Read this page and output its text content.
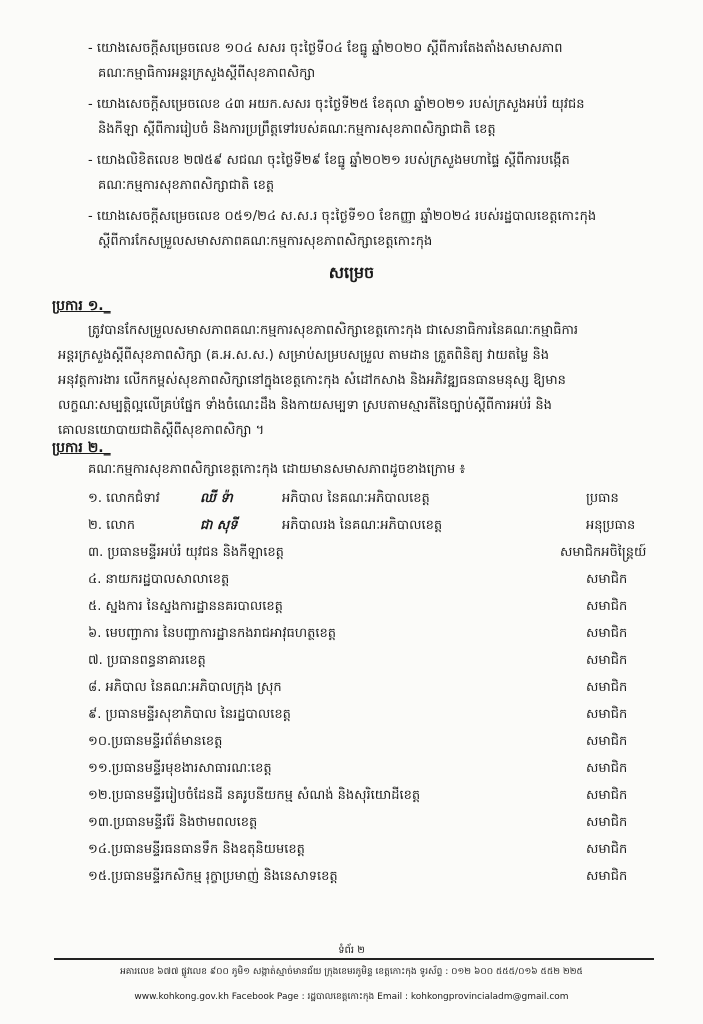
- យោងសេចក្តីសម្រេចលេខ ១០៤ សសរ ចុះថ្ងៃទី០៤ ខែធ្នូ ឆ្នាំ២០២០ ស្តីពីការតែងតាំងសមាសភាព
គណៈកម្មាធិការអន្តរក្រសួងស្តីពីសុខភាពសិក្សា
- យោងសេចក្តីសម្រេចលេខ ៤៣ អយក.សសរ ចុះថ្ងៃទី២៥ ខែតុលា ឆ្នាំ២០២១ របស់ក្រសួងអប់រំ យុវជន
និងកីឡា ស្តីពីការរៀបចំ និងការប្រព្រឹត្តទៅរបស់គណៈកម្មការសុខភាពសិក្សាជាតិ ខេត្ត
- យោងលិខិតលេខ ២៧៥៩ សជណ ចុះថ្ងៃទី២៩ ខែធ្នូ ឆ្នាំ២០២១ របស់ក្រសួងមហាផ្ទៃ ស្តីពីការបង្កើត
គណៈកម្មការសុខភាពសិក្សាជាតិ ខេត្ត
- យោងសេចក្តីសម្រេចលេខ ០៥១/២៤ ស.ស.រ ចុះថ្ងៃទី១០ ខែកញ្ញា ឆ្នាំ២០២៤ របស់រដ្ឋបាលខេត្តកោះកុង
ស្តីពីការកែសម្រួលសមាសភាពគណៈកម្មការសុខភាពសិក្សាខេត្តកោះកុង
សម្រេច
ប្រការ ១._
ត្រូវបានកែសម្រួលសមាសភាពគណៈកម្មការសុខភាពសិក្សាខេត្តកោះកុង ជាសេនាធិការនៃគណៈកម្មាធិការ
អន្តរក្រសួងស្តីពីសុខភាពសិក្សា (គ.អ.ស.ស.) សម្រាប់សម្របសម្រួល តាមដាន ត្រួតពិនិត្យ វាយតម្លៃ និង
អនុវត្តការងារ លើកកម្ពស់សុខភាពសិក្សានៅក្នុងខេត្តកោះកុង សំដៅកសាង និងអភិវឌ្ឍធនធានមនុស្ស ឱ្យមាន
លក្ខណៈសម្បត្តិល្អលើគ្រប់ផ្នែក ទាំងចំណេះដឹង និងកាយសម្បទា ស្របតាមស្មារតីនៃច្បាប់ស្តីពីការអប់រំ និង
គោលនយោបាយជាតិស្តីពីសុខភាពសិក្សា ។
ប្រការ ២._
គណៈកម្មការសុខភាពសិក្សាខេត្តកោះកុង ដោយមានសមាសភាពដូចខាងក្រោម ៖
១. លោកជំទាវ	ឈី ទ៉ា	អភិបាល នៃគណៈអភិបាលខេត្ត	ប្រធាន
២. លោក	ជា សុទី	អភិបាលរង នៃគណៈអភិបាលខេត្ត	អនុប្រធាន
៣. ប្រធានមន្ទីរអប់រំ យុវជន និងកីឡាខេត្ត	សមាជិកអចិន្ត្រៃយ៍
៤. នាយករដ្ឋបាលសាលាខេត្ត	សមាជិក
៥. ស្នងការ នៃស្នងការដ្ឋាននគរបាលខេត្ត	សមាជិក
៦. មេបញ្ជាការ នៃបញ្ជាការដ្ឋានកងរាជអាវុធហត្ថខេត្ត	សមាជិក
៧. ប្រធានពន្ធនាគារខេត្ត	សមាជិក
៨. អភិបាល នៃគណៈអភិបាលក្រុង ស្រុក	សមាជិក
៩. ប្រធានមន្ទីរសុខាភិបាល នៃរដ្ឋបាលខេត្ត	សមាជិក
១០.ប្រធានមន្ទីរព័ត៌មានខេត្ត	សមាជិក
១១.ប្រធានមន្ទីរមុខងារសាធារណៈខេត្ត	សមាជិក
១២.ប្រធានមន្ទីររៀបចំដែនដី នគរូបនីយកម្ម សំណង់ និងសុរិយោដីខេត្ត	សមាជិក
១៣.ប្រធានមន្ទីររ៉ែ និងថាមពលខេត្ត	សមាជិក
១៤.ប្រធានមន្ទីរធនធានទឹក និងឧតុនិយមខេត្ត	សមាជិក
១៥.ប្រធានមន្ទីរកសិកម្ម រុក្ខាប្រមាញ់ និងនេសាទខេត្ត	សមាជិក
ទំព័រ ២
អគារលេខ ៦៧៧ ផ្លូវលេខ ៩០០ ភូមិ១ សង្កាត់ស្មាច់មានជ័យ ក្រុងខេមរភូមិន្ទ ខេត្តកោះកុង ទូរស័ព្ទ : ០១២ ៦០០ ៥៥៥/០១៦ ៥៥២ ២២៥
www.kohkong.gov.kh Facebook Page : រដ្ឋបាលខេត្តកោះកុង Email : kohkongprovincialadm@gmail.com
